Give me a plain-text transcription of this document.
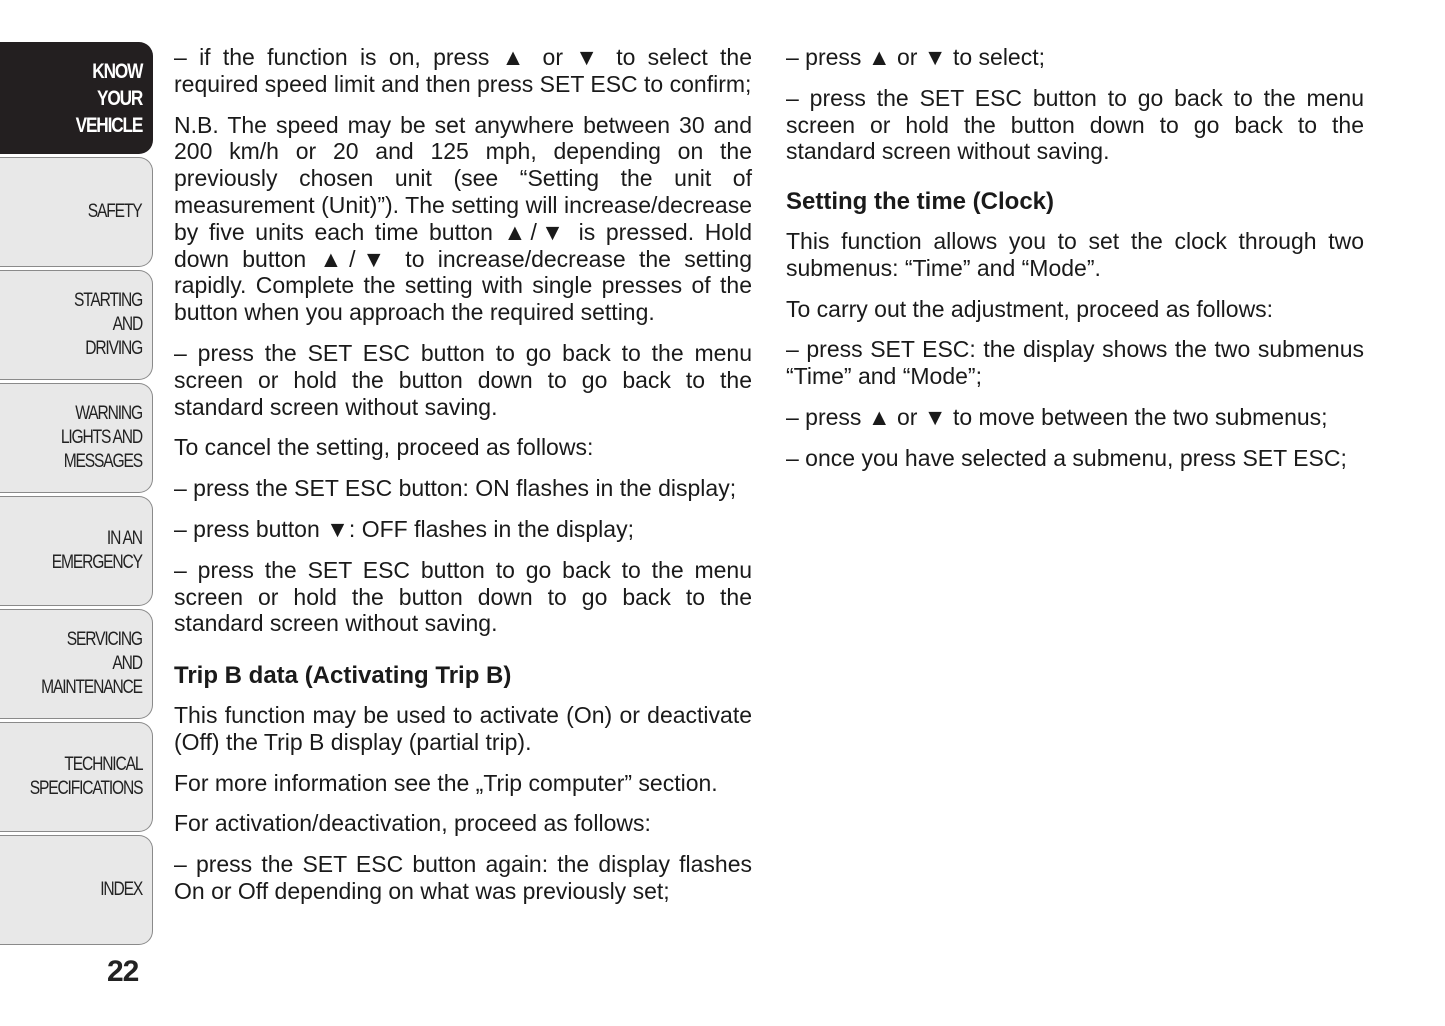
KNOW
YOUR
VEHICLE
SAFETY
STARTING
AND
DRIVING
WARNING
LIGHTS AND
MESSAGES
IN AN
EMERGENCY
SERVICING
AND
MAINTENANCE
TECHNICAL
SPECIFICATIONS
INDEX
22

– if the function is on, press ▲ or ▼ to select the required speed limit and then press SET ESC to confirm;

N.B. The speed may be set anywhere between 30 and 200 km/h or 20 and 125 mph, depending on the previously chosen unit (see “Setting the unit of measurement (Unit)”). The setting will increase/decrease by five units each time button ▲/▼ is pressed. Hold down button ▲/▼ to increase/decrease the setting rapidly. Complete the setting with single presses of the button when you approach the required setting.

– press the SET ESC button to go back to the menu screen or hold the button down to go back to the standard screen without saving.

To cancel the setting, proceed as follows:

– press the SET ESC button: ON flashes in the display;

– press button ▼: OFF flashes in the display;

– press the SET ESC button to go back to the menu screen or hold the button down to go back to the standard screen without saving.

Trip B data (Activating Trip B)

This function may be used to activate (On) or deactivate (Off) the Trip B display (partial trip).

For more information see the „Trip computer” section.

For activation/deactivation, proceed as follows:

– press the SET ESC button again: the display flashes On or Off depending on what was previously set;

– press ▲ or ▼ to select;

– press the SET ESC button to go back to the menu screen or hold the button down to go back to the standard screen without saving.

Setting the time (Clock)

This function allows you to set the clock through two submenus: “Time” and “Mode”.

To carry out the adjustment, proceed as follows:

– press SET ESC: the display shows the two submenus “Time” and “Mode”;

– press ▲ or ▼ to move between the two submenus;

– once you have selected a submenu, press SET ESC;
